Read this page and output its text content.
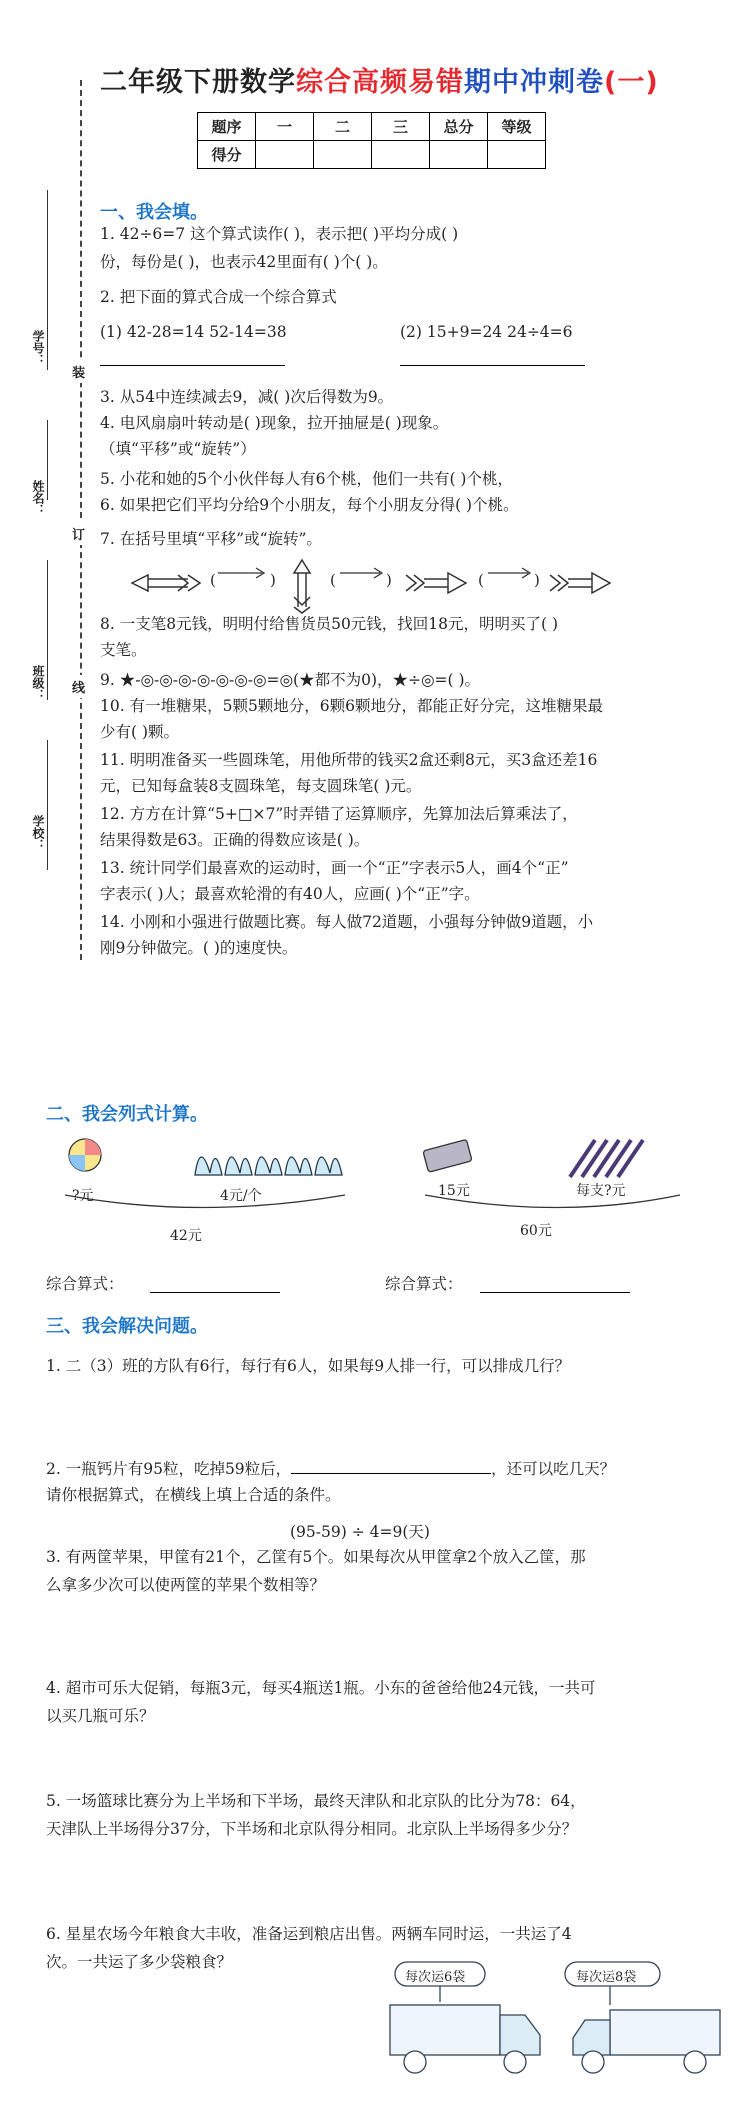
二年级下册数学综合高频易错期中冲刺卷(一)
题序	一	二	三	总分	等级
得分					
学号：
姓名：
班级：
学校：
装
订
线
一、我会填。
1. 42÷6=7 这个算式读作( )，表示把( )平均分成( )
份，每份是( )，也表示42里面有( )个( )。
2. 把下面的算式合成一个综合算式
(1) 42-28=14 52-14=38	(2) 15+9=24 24÷4=6
3. 从54中连续减去9，减( )次后得数为9。
4. 电风扇扇叶转动是( )现象，拉开抽屉是( )现象。
（填“平移”或“旋转”）
5. 小花和她的5个小伙伴每人有6个桃，他们一共有( )个桃，
6. 如果把它们平均分给9个小朋友，每个小朋友分得( )个桃。
7. 在括号里填“平移”或“旋转”。
(	)	(	)	(	)
8. 一支笔8元钱，明明付给售货员50元钱，找回18元，明明买了( )
支笔。
9. ★-◎-◎-◎-◎-◎-◎-◎=◎(★都不为0)，★÷◎=( )。
10. 有一堆糖果，5颗5颗地分，6颗6颗地分，都能正好分完，这堆糖果最
少有( )颗。
11. 明明准备买一些圆珠笔，用他所带的钱买2盒还剩8元，买3盒还差16
元，已知每盒装8支圆珠笔，每支圆珠笔( )元。
12. 方方在计算“5+□×7”时弄错了运算顺序，先算加法后算乘法了，
结果得数是63。正确的得数应该是( )。
13. 统计同学们最喜欢的运动时，画一个“正”字表示5人，画4个“正”
字表示( )人；最喜欢轮滑的有40人，应画( )个“正”字。
14. 小刚和小强进行做题比赛。每人做72道题，小强每分钟做9道题，小
刚9分钟做完。( )的速度快。
二、我会列式计算。
?元	4元/个
42元
15元	每支?元
60元
综合算式：	综合算式：
三、我会解决问题。
1. 二（3）班的方队有6行，每行有6人，如果每9人排一行，可以排成几行？
2. 一瓶钙片有95粒，吃掉59粒后，	，还可以吃几天？
请你根据算式，在横线上填上合适的条件。
(95-59) ÷ 4=9(天)
3. 有两筐苹果，甲筐有21个，乙筐有5个。如果每次从甲筐拿2个放入乙筐，那
么拿多少次可以使两筐的苹果个数相等？
4. 超市可乐大促销，每瓶3元，每买4瓶送1瓶。小东的爸爸给他24元钱，一共可
以买几瓶可乐？
5. 一场篮球比赛分为上半场和下半场，最终天津队和北京队的比分为78：64，
天津队上半场得分37分，下半场和北京队得分相同。北京队上半场得多少分？
6. 星星农场今年粮食大丰收，准备运到粮店出售。两辆车同时运，一共运了4
次。一共运了多少袋粮食？
每次运6袋	每次运8袋
